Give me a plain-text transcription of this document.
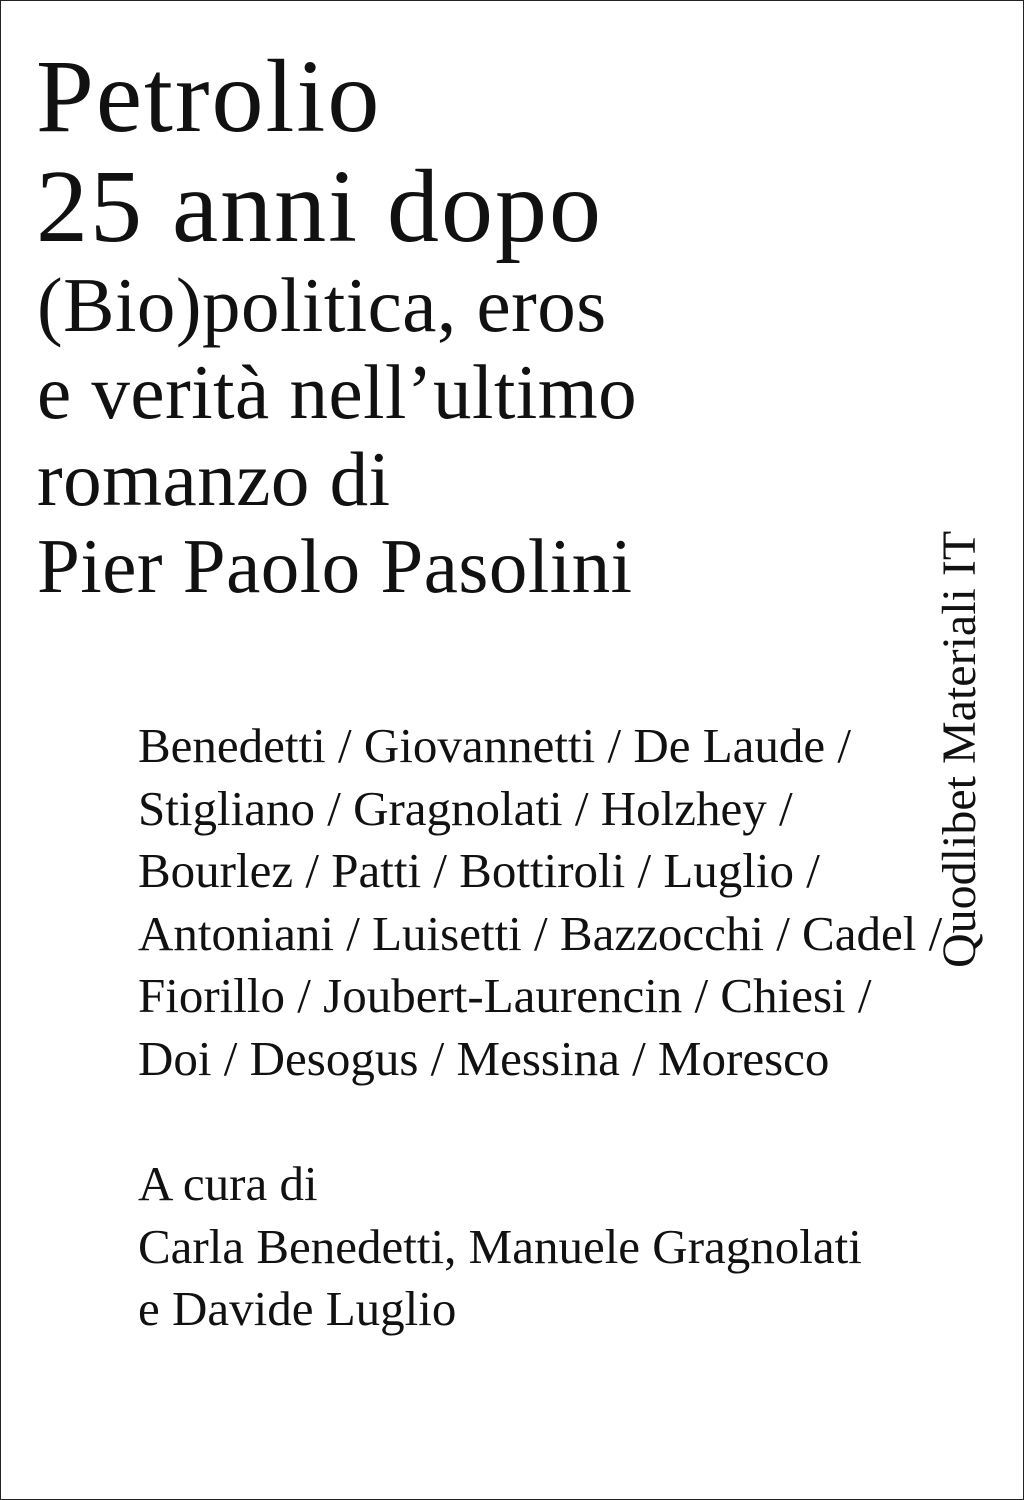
Petrolio
25 anni dopo
(Bio)politica, eros
e verità nell’ultimo
romanzo di
Pier Paolo Pasolini
Benedetti / Giovannetti / De Laude /
Stigliano / Gragnolati / Holzhey /
Bourlez / Patti / Bottiroli / Luglio /
Antoniani / Luisetti / Bazzocchi / Cadel /
Fiorillo / Joubert-Laurencin / Chiesi /
Doi / Desogus / Messina / Moresco
A cura di
Carla Benedetti, Manuele Gragnolati
e Davide Luglio
Quodlibet Materiali IT
